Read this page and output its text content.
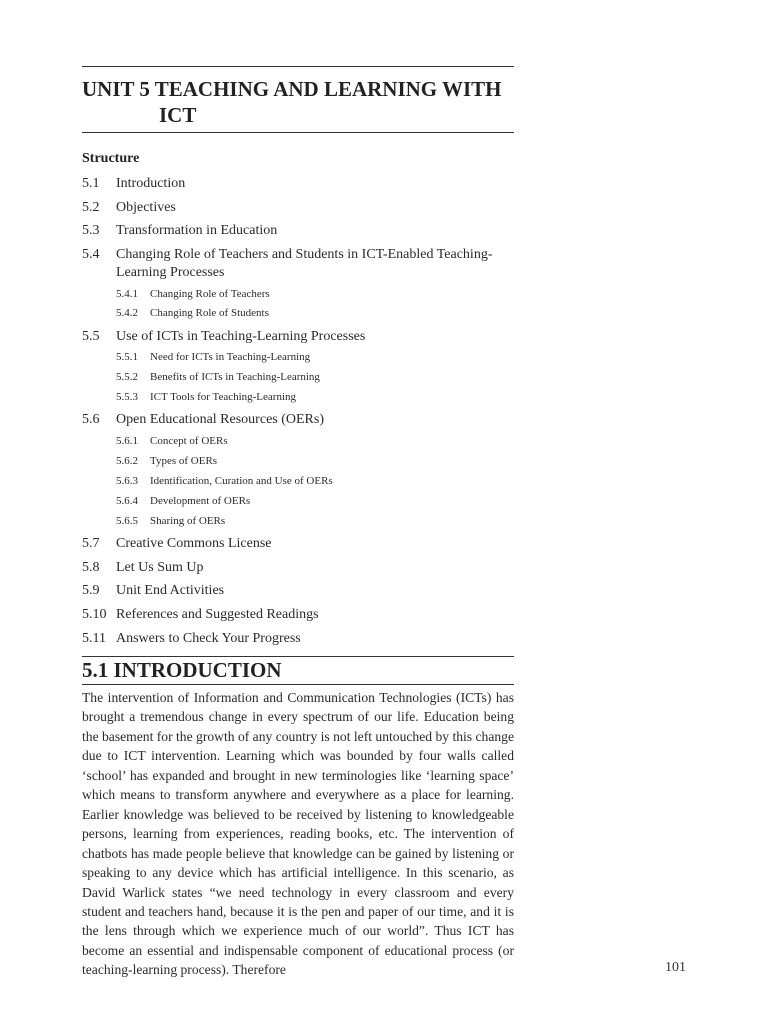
UNIT 5 TEACHING AND LEARNING WITH
ICT
Structure
5.1 Introduction
5.2 Objectives
5.3 Transformation in Education
5.4 Changing Role of Teachers and Students in ICT-Enabled Teaching-
Learning Processes
5.4.1 Changing Role of Teachers
5.4.2 Changing Role of Students
5.5 Use of ICTs in Teaching-Learning Processes
5.5.1 Need for ICTs in Teaching-Learning
5.5.2 Benefits of ICTs in Teaching-Learning
5.5.3 ICT Tools for Teaching-Learning
5.6 Open Educational Resources (OERs)
5.6.1 Concept of OERs
5.6.2 Types of OERs
5.6.3 Identification, Curation and Use of OERs
5.6.4 Development of OERs
5.6.5 Sharing of OERs
5.7 Creative Commons License
5.8 Let Us Sum Up
5.9 Unit End Activities
5.10 References and Suggested Readings
5.11 Answers to Check Your Progress
5.1 INTRODUCTION
The intervention of Information and Communication Technologies (ICTs) has brought a tremendous change in every spectrum of our life. Education being the basement for the growth of any country is not left untouched by this change due to ICT intervention. Learning which was bounded by four walls called ‘school’ has expanded and brought in new terminologies like ‘learning space’ which means to transform anywhere and everywhere as a place for learning. Earlier knowledge was believed to be received by listening to knowledgeable persons, learning from experiences, reading books, etc. The intervention of chatbots has made people believe that knowledge can be gained by listening or speaking to any device which has artificial intelligence. In this scenario, as David Warlick states “we need technology in every classroom and every student and teachers hand, because it is the pen and paper of our time, and it is the lens through which we experience much of our world”. Thus ICT has become an essential and indispensable component of educational process (or teaching-learning process). Therefore	101
